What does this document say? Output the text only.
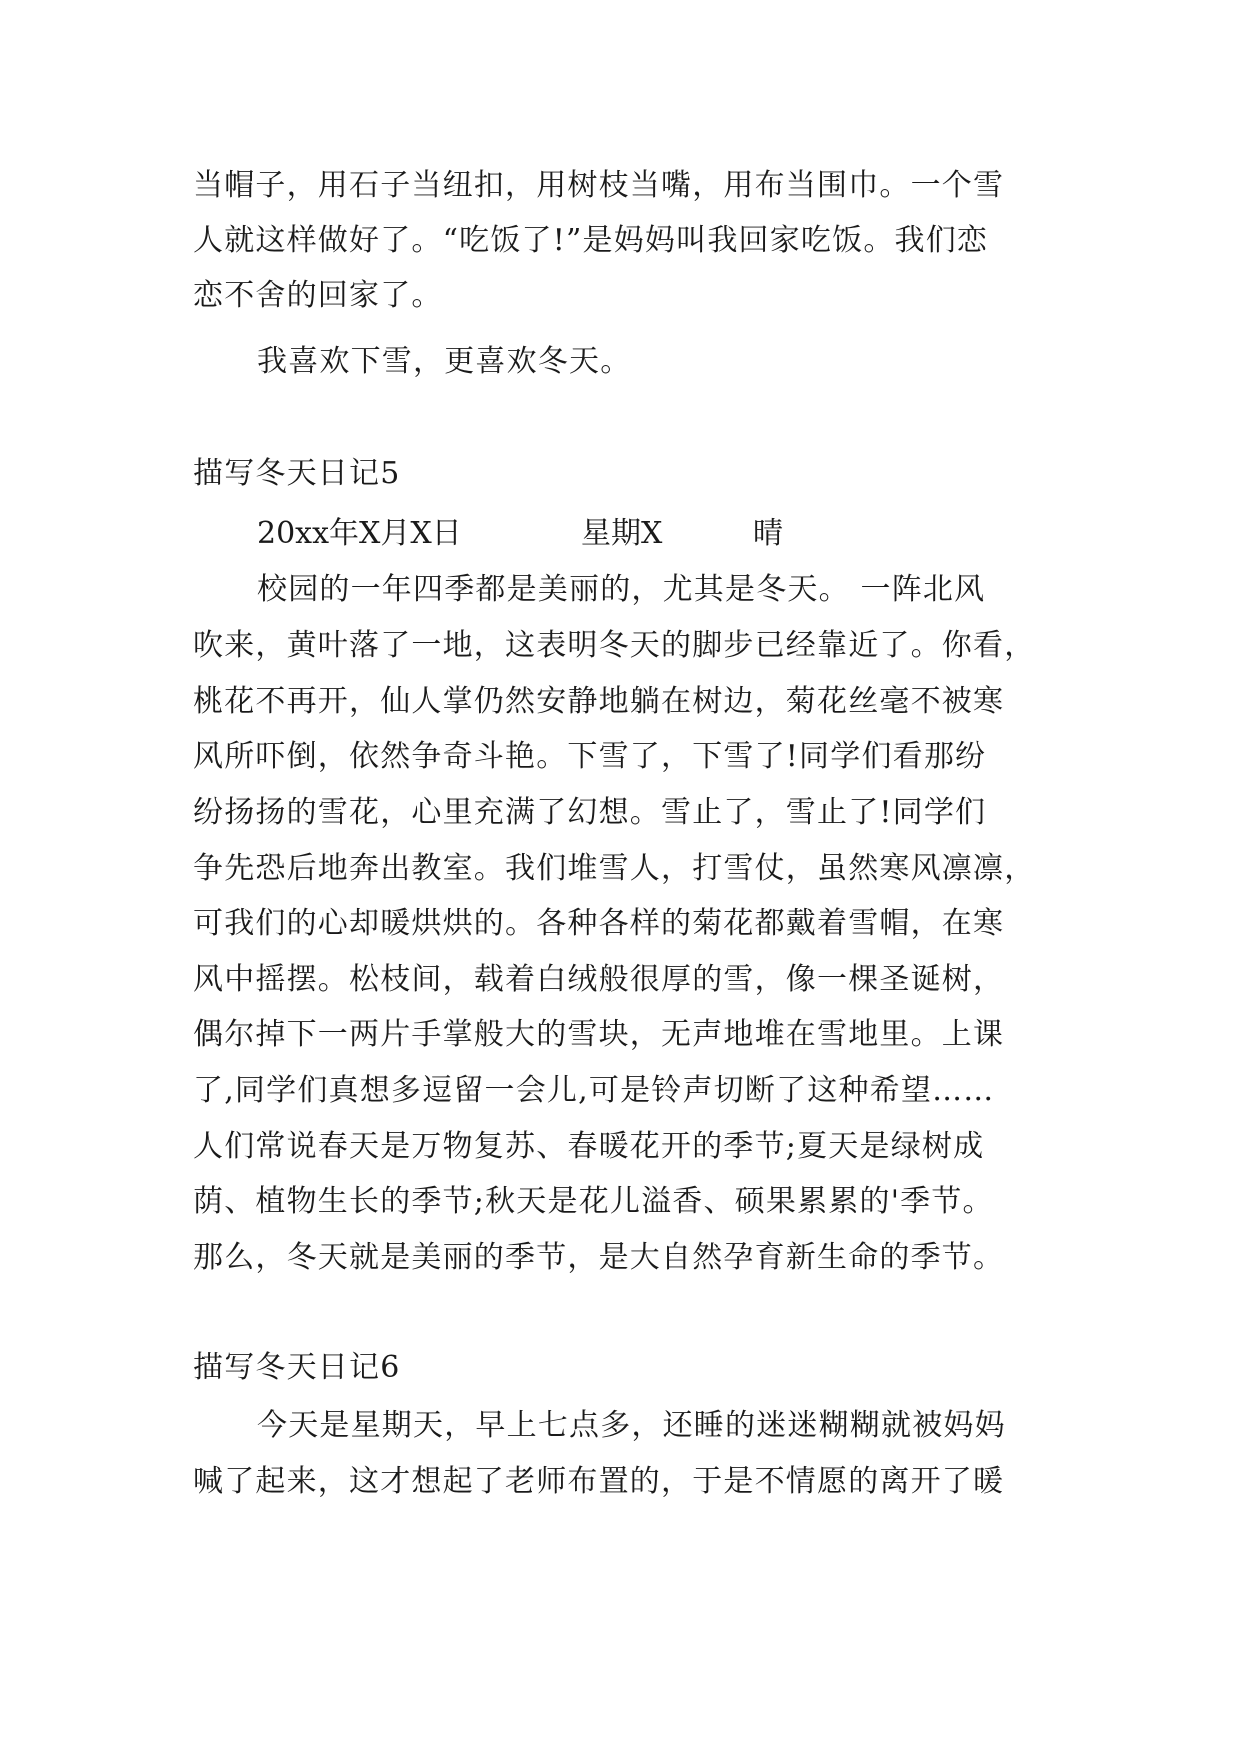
当帽子，用石子当纽扣，用树枝当嘴，用布当围巾。一个雪
人就这样做好了。“吃饭了!”是妈妈叫我回家吃饭。我们恋
恋不舍的回家了。
我喜欢下雪，更喜欢冬天。
描写冬天日记5
20xx年X月X日	星期X	晴
校园的一年四季都是美丽的，尤其是冬天。 一阵北风
吹来，黄叶落了一地，这表明冬天的脚步已经靠近了。你看，
桃花不再开，仙人掌仍然安静地躺在树边，菊花丝毫不被寒
风所吓倒，依然争奇斗艳。下雪了，下雪了!同学们看那纷
纷扬扬的雪花，心里充满了幻想。雪止了，雪止了!同学们
争先恐后地奔出教室。我们堆雪人，打雪仗，虽然寒风凛凛，
可我们的心却暖烘烘的。各种各样的菊花都戴着雪帽，在寒
风中摇摆。松枝间，载着白绒般很厚的雪，像一棵圣诞树，
偶尔掉下一两片手掌般大的雪块，无声地堆在雪地里。上课
了,同学们真想多逗留一会儿,可是铃声切断了这种希望……
人们常说春天是万物复苏、春暖花开的季节;夏天是绿树成
荫、植物生长的季节;秋天是花儿溢香、硕果累累的'季节。
那么，冬天就是美丽的季节，是大自然孕育新生命的季节。
描写冬天日记6
今天是星期天，早上七点多，还睡的迷迷糊糊就被妈妈
喊了起来，这才想起了老师布置的，于是不情愿的离开了暖
